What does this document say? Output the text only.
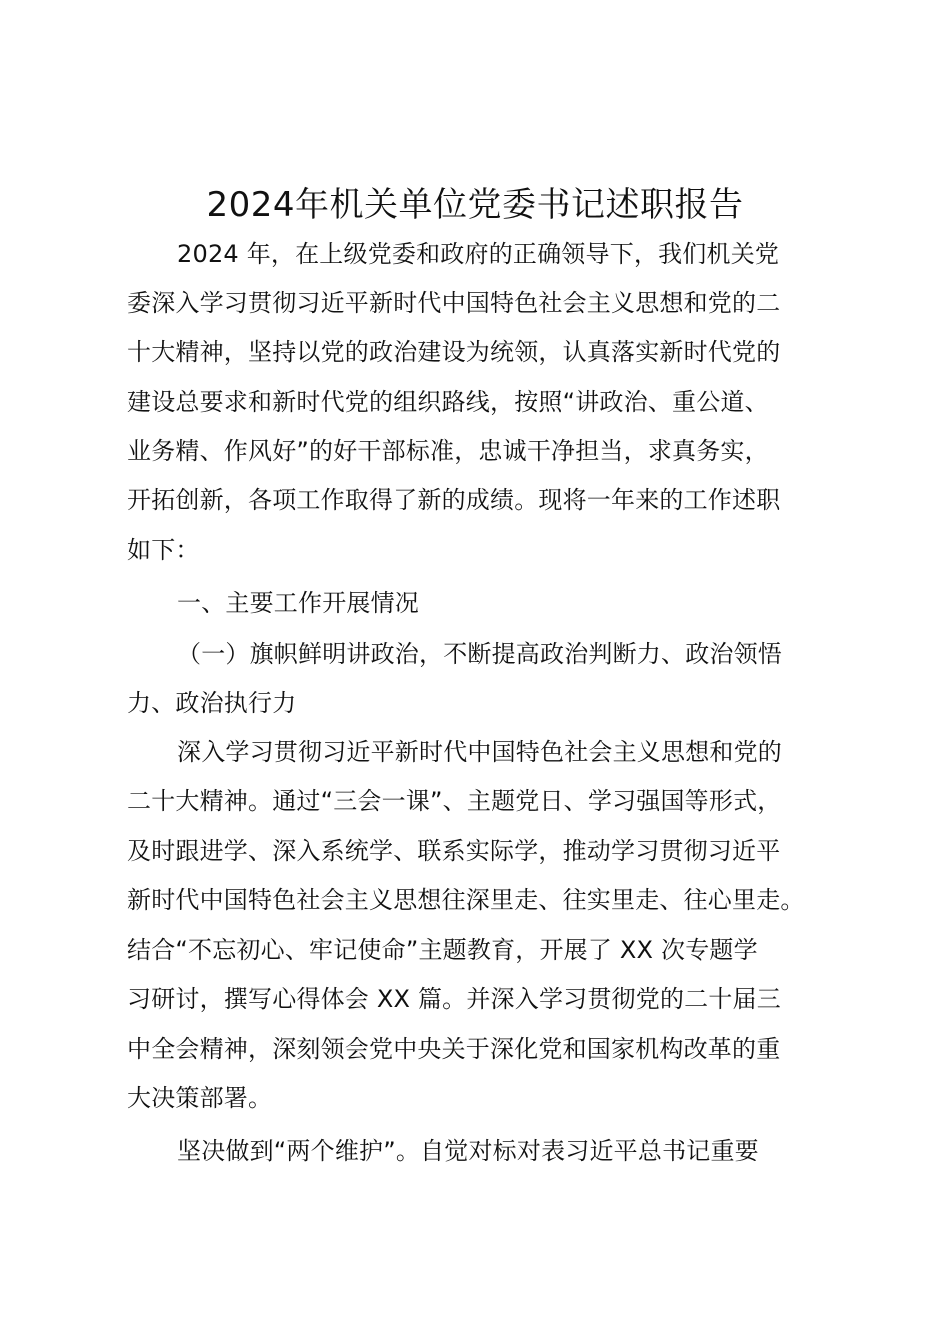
2024年机关单位党委书记述职报告
2024 年，在上级党委和政府的正确领导下，我们机关党
委深入学习贯彻习近平新时代中国特色社会主义思想和党的二
十大精神，坚持以党的政治建设为统领，认真落实新时代党的
建设总要求和新时代党的组织路线，按照“讲政治、重公道、
业务精、作风好”的好干部标准，忠诚干净担当，求真务实，
开拓创新，各项工作取得了新的成绩。现将一年来的工作述职
如下：
一、主要工作开展情况
（一）旗帜鲜明讲政治，不断提高政治判断力、政治领悟
力、政治执行力
深入学习贯彻习近平新时代中国特色社会主义思想和党的
二十大精神。通过“三会一课”、主题党日、学习强国等形式，
及时跟进学、深入系统学、联系实际学，推动学习贯彻习近平
新时代中国特色社会主义思想往深里走、往实里走、往心里走。
结合“不忘初心、牢记使命”主题教育，开展了 XX 次专题学
习研讨，撰写心得体会 XX 篇。并深入学习贯彻党的二十届三
中全会精神，深刻领会党中央关于深化党和国家机构改革的重
大决策部署。
坚决做到“两个维护”。自觉对标对表习近平总书记重要
